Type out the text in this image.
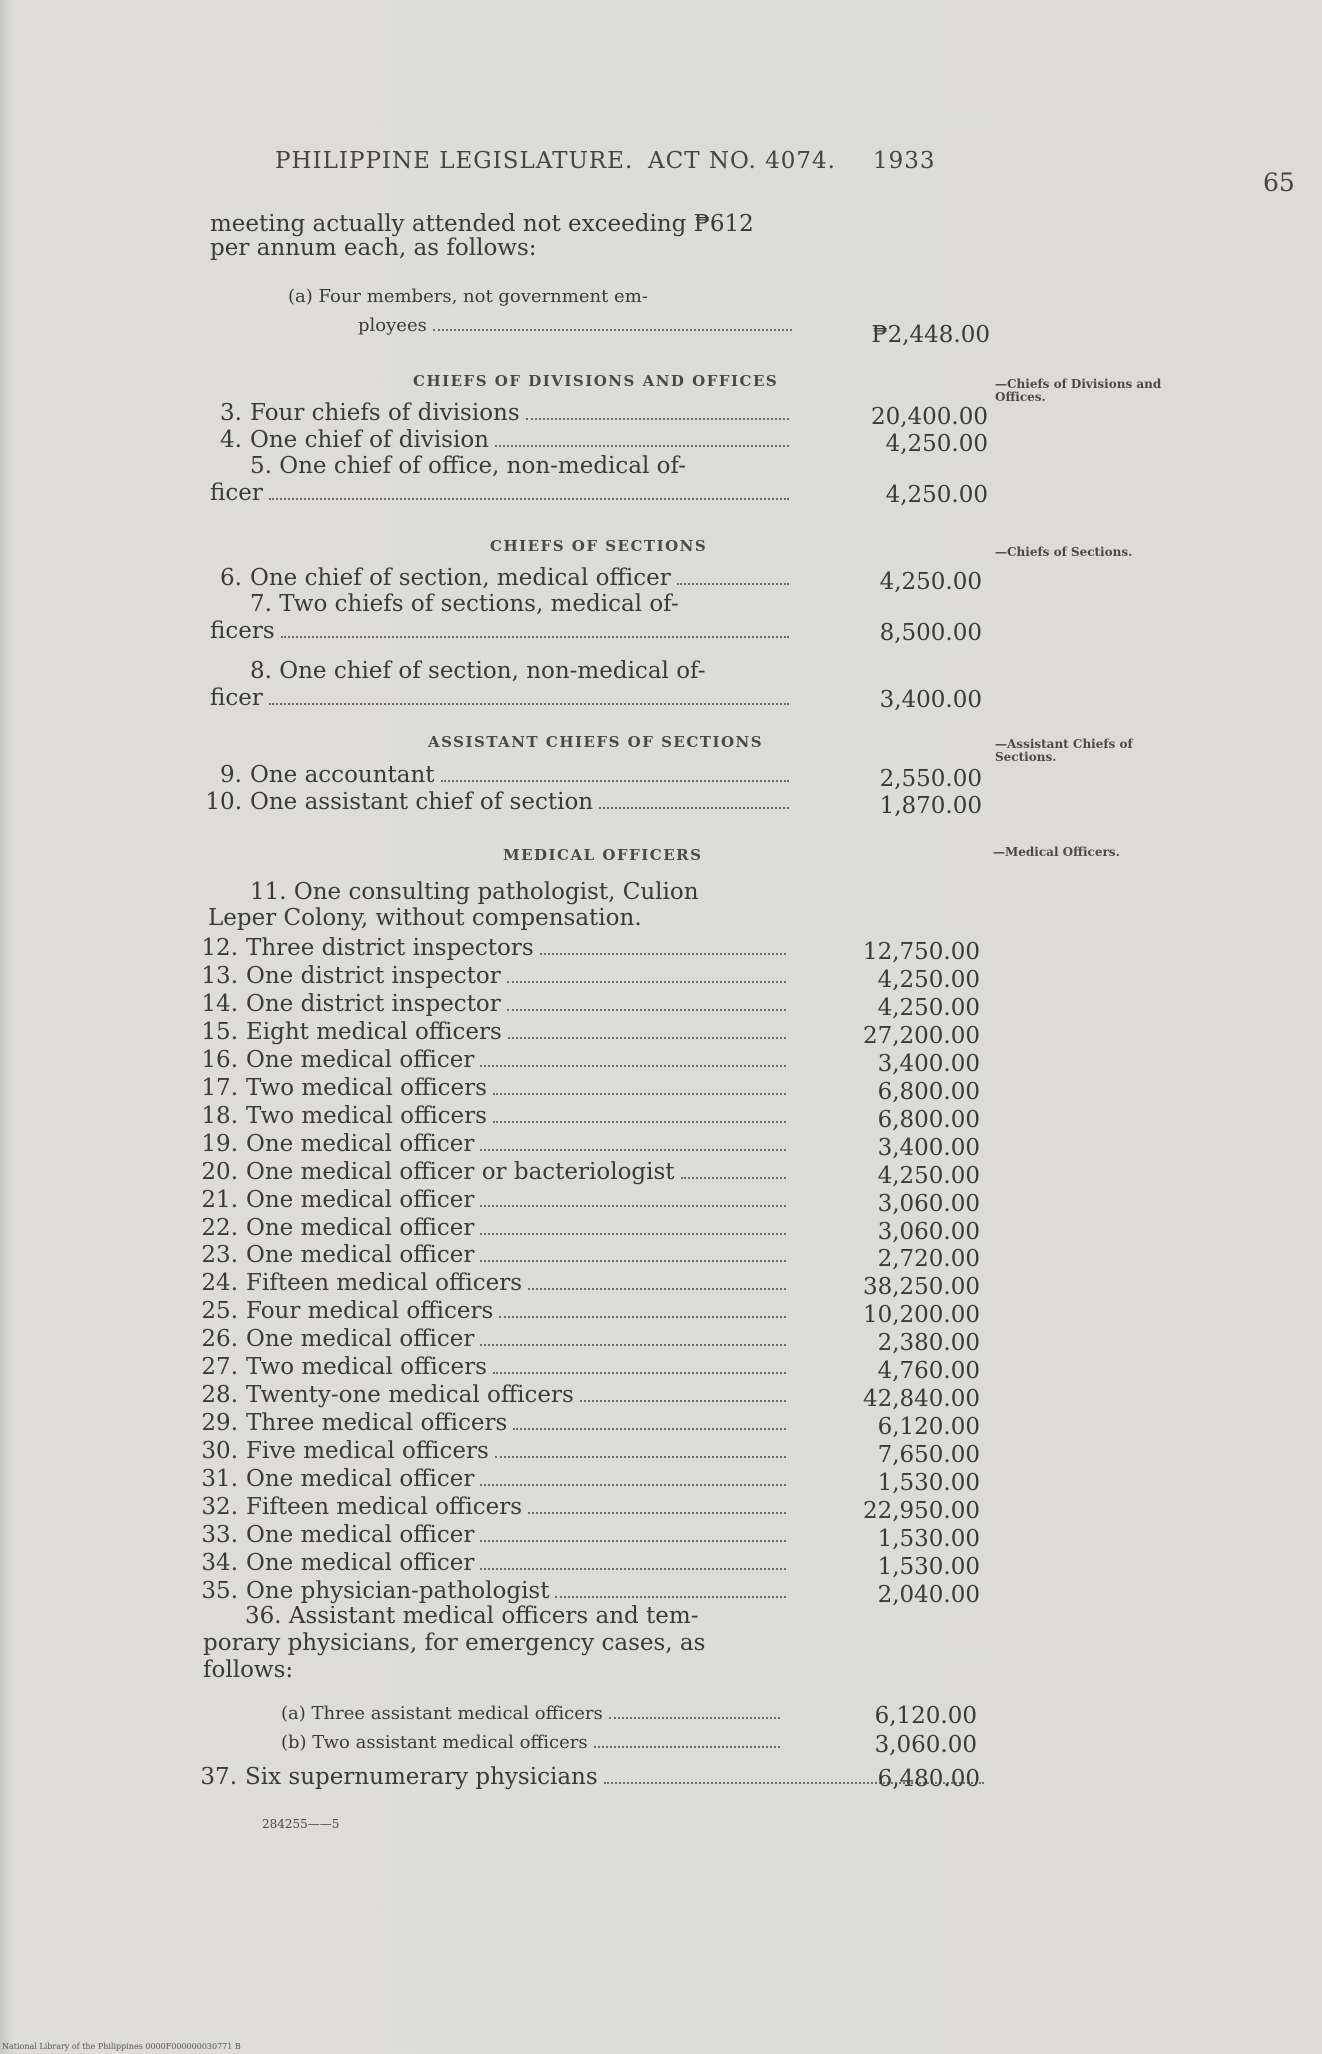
PHILIPPINE LEGISLATURE. ACT NO. 4074. 1933
65
meeting actually attended not exceeding ₱612
per annum each, as follows:
(a) Four members, not government em-
ployees	₱2,448.00
CHIEFS OF DIVISIONS AND OFFICES	—Chiefs of Divisions and Offices.
3. Four chiefs of divisions	20,400.00
4. One chief of division	4,250.00
5. One chief of office, non-medical of-
ficer	4,250.00
CHIEFS OF SECTIONS	—Chiefs of Sections.
6. One chief of section, medical officer	4,250.00
7. Two chiefs of sections, medical of-
ficers	8,500.00
8. One chief of section, non-medical of-
ficer	3,400.00
ASSISTANT CHIEFS OF SECTIONS	—Assistant Chiefs of Sections.
9. One accountant	2,550.00
10. One assistant chief of section	1,870.00
MEDICAL OFFICERS	—Medical Officers.
11. One consulting pathologist, Culion
Leper Colony, without compensation.
12. Three district inspectors	12,750.00
13. One district inspector	4,250.00
14. One district inspector	4,250.00
15. Eight medical officers	27,200.00
16. One medical officer	3,400.00
17. Two medical officers	6,800.00
18. Two medical officers	6,800.00
19. One medical officer	3,400.00
20. One medical officer or bacteriologist	4,250.00
21. One medical officer	3,060.00
22. One medical officer	3,060.00
23. One medical officer	2,720.00
24. Fifteen medical officers	38,250.00
25. Four medical officers	10,200.00
26. One medical officer	2,380.00
27. Two medical officers	4,760.00
28. Twenty-one medical officers	42,840.00
29. Three medical officers	6,120.00
30. Five medical officers	7,650.00
31. One medical officer	1,530.00
32. Fifteen medical officers	22,950.00
33. One medical officer	1,530.00
34. One medical officer	1,530.00
35. One physician-pathologist	2,040.00
36. Assistant medical officers and tem-
porary physicians, for emergency cases, as
follows:
(a) Three assistant medical officers	6,120.00
(b) Two assistant medical officers	3,060.00
37. Six supernumerary physicians	6,480.00
284255——5
National Library of the Philippines 0000F000000030771 B
